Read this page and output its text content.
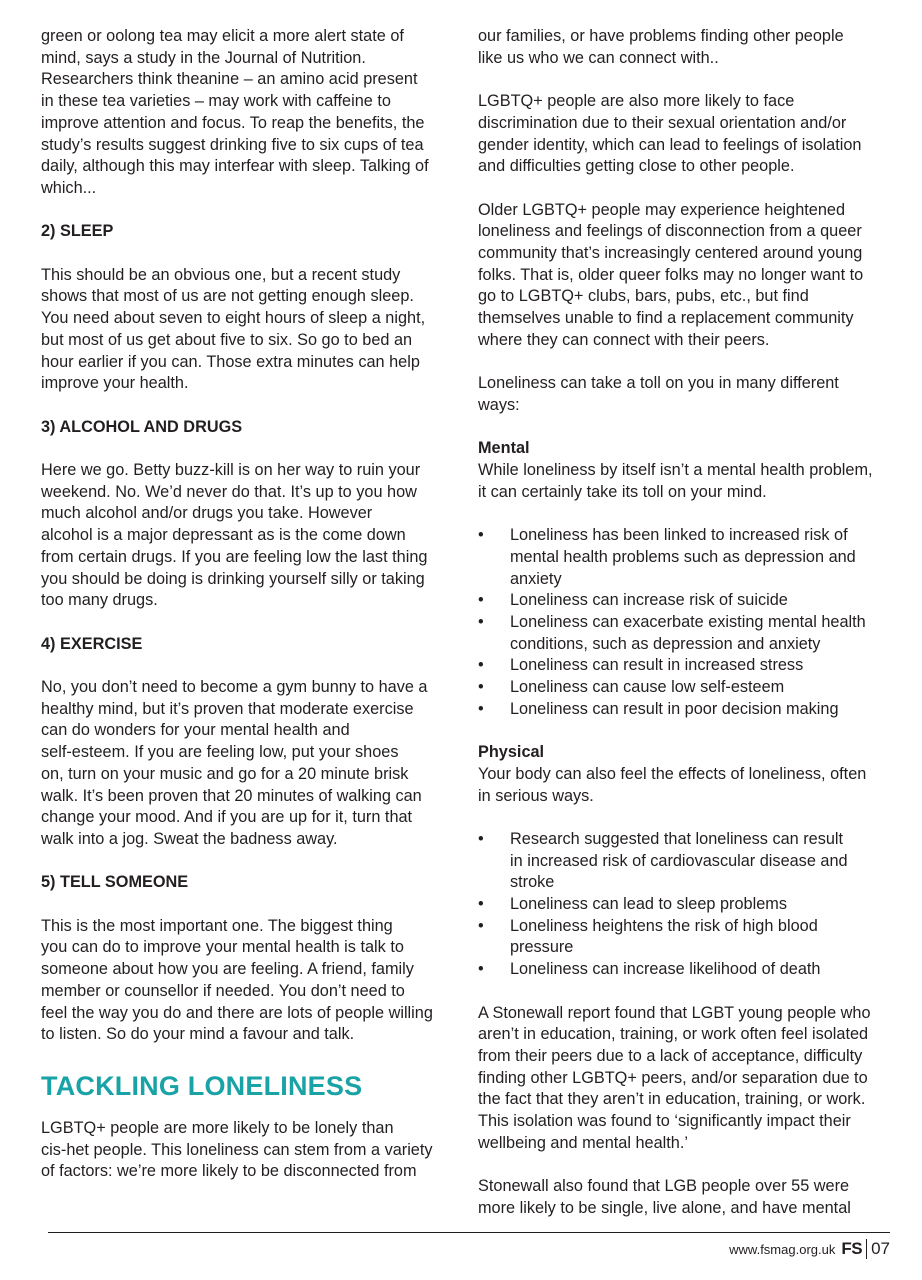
green or oolong tea may elicit a more alert state of
mind, says a study in the Journal of Nutrition.
Researchers think theanine – an amino acid present
in these tea varieties – may work with caffeine to
improve attention and focus. To reap the benefits, the
study’s results suggest drinking five to six cups of tea
daily, although this may interfear with sleep. Talking of
which...
2) SLEEP
This should be an obvious one, but a recent study
shows that most of us are not getting enough sleep.
You need about seven to eight hours of sleep a night,
but most of us get about five to six. So go to bed an
hour earlier if you can. Those extra minutes can help
improve your health.
3) ALCOHOL AND DRUGS
Here we go. Betty buzz-kill is on her way to ruin your
weekend. No. We’d never do that. It’s up to you how
much alcohol and/or drugs you take. However
alcohol is a major depressant as is the come down
from certain drugs. If you are feeling low the last thing
you should be doing is drinking yourself silly or taking
too many drugs.
4) EXERCISE
No, you don’t need to become a gym bunny to have a
healthy mind, but it’s proven that moderate exercise
can do wonders for your mental health and
self-esteem. If you are feeling low, put your shoes
on, turn on your music and go for a 20 minute brisk
walk. It’s been proven that 20 minutes of walking can
change your mood. And if you are up for it, turn that
walk into a jog. Sweat the badness away.
5) TELL SOMEONE
This is the most important one. The biggest thing
you can do to improve your mental health is talk to
someone about how you are feeling. A friend, family
member or counsellor if needed. You don’t need to
feel the way you do and there are lots of people willing
to listen. So do your mind a favour and talk.
TACKLING LONELINESS
LGBTQ+ people are more likely to be lonely than
cis-het people. This loneliness can stem from a variety
of factors: we’re more likely to be disconnected from
our families, or have problems finding other people
like us who we can connect with..
LGBTQ+ people are also more likely to face
discrimination due to their sexual orientation and/or
gender identity, which can lead to feelings of isolation
and difficulties getting close to other people.
Older LGBTQ+ people may experience heightened
loneliness and feelings of disconnection from a queer
community that’s increasingly centered around young
folks. That is, older queer folks may no longer want to
go to LGBTQ+ clubs, bars, pubs, etc., but find
themselves unable to find a replacement community
where they can connect with their peers.
Loneliness can take a toll on you in many different
ways:
Mental
While loneliness by itself isn’t a mental health problem,
it can certainly take its toll on your mind.
•	Loneliness has been linked to increased risk of
mental health problems such as depression and
anxiety
•	Loneliness can increase risk of suicide
•	Loneliness can exacerbate existing mental health
conditions, such as depression and anxiety
•	Loneliness can result in increased stress
•	Loneliness can cause low self-esteem
•	Loneliness can result in poor decision making
Physical
Your body can also feel the effects of loneliness, often
in serious ways.
•	Research suggested that loneliness can result
in increased risk of cardiovascular disease and
stroke
•	Loneliness can lead to sleep problems
•	Loneliness heightens the risk of high blood
pressure
•	Loneliness can increase likelihood of death
A Stonewall report found that LGBT young people who
aren’t in education, training, or work often feel isolated
from their peers due to a lack of acceptance, difficulty
finding other LGBTQ+ peers, and/or separation due to
the fact that they aren’t in education, training, or work.
This isolation was found to ‘significantly impact their
wellbeing and mental health.’
Stonewall also found that LGB people over 55 were
more likely to be single, live alone, and have mental
www.fsmag.org.uk FS 07
